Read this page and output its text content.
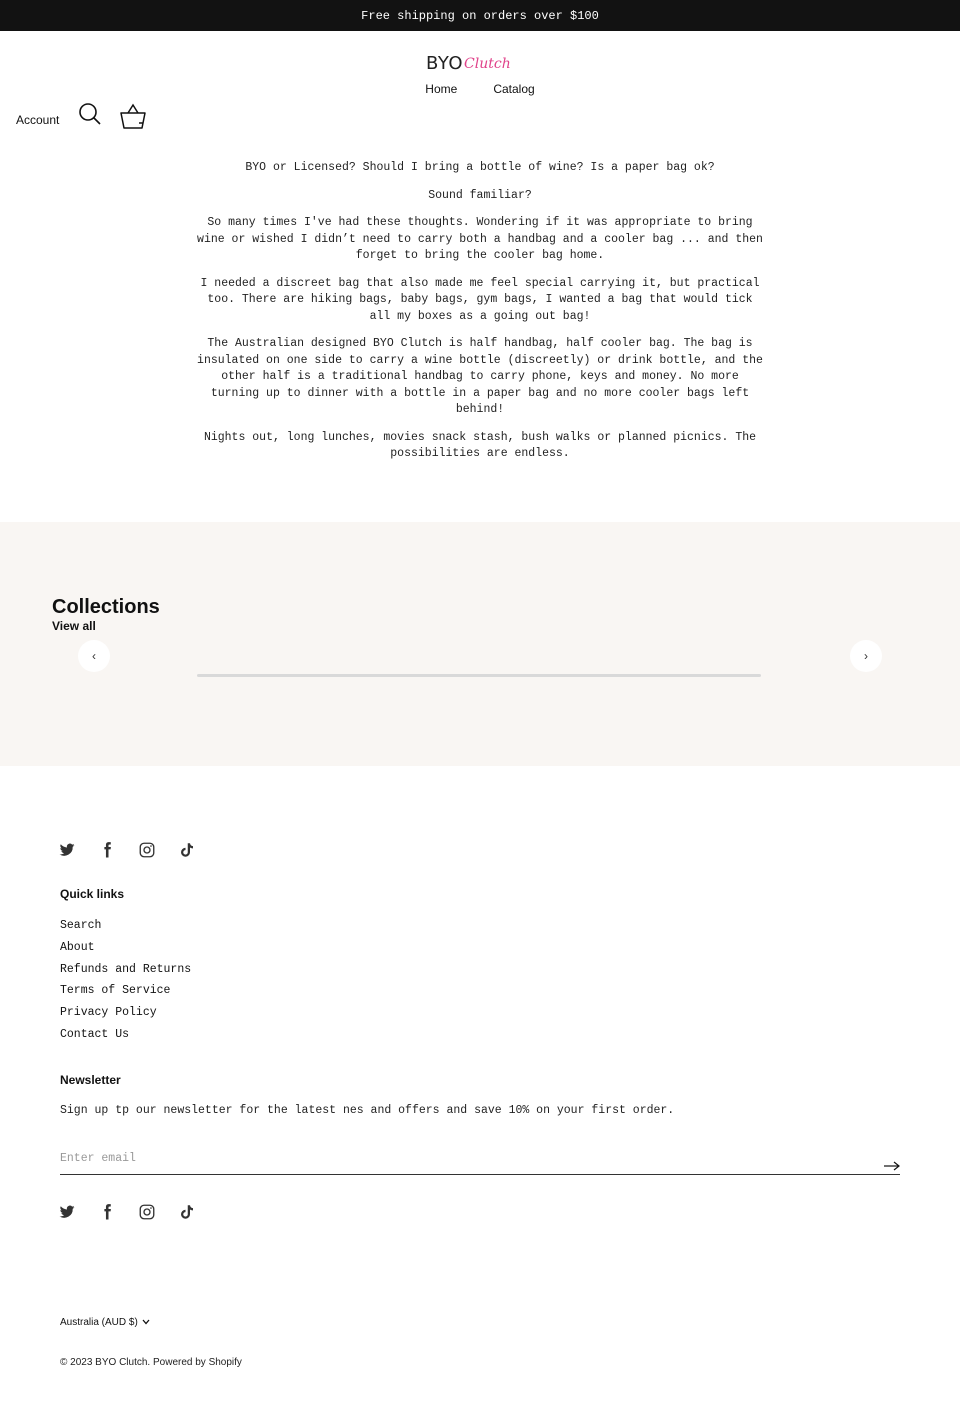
Free shipping on orders over $100
BYO Clutch
Home	Catalog
Account

BYO or Licensed? Should I bring a bottle of wine? Is a paper bag ok?

Sound familiar?

So many times I've had these thoughts. Wondering if it was appropriate to bring wine or wished I didn’t need to carry both a handbag and a cooler bag ... and then forget to bring the cooler bag home.

I needed a discreet bag that also made me feel special carrying it, but practical too. There are hiking bags, baby bags, gym bags, I wanted a bag that would tick all my boxes as a going out bag!

The Australian designed BYO Clutch is half handbag, half cooler bag. The bag is insulated on one side to carry a wine bottle (discreetly) or drink bottle, and the other half is a traditional handbag to carry phone, keys and money. No more turning up to dinner with a bottle in a paper bag and no more cooler bags left behind!

Nights out, long lunches, movies snack stash, bush walks or planned picnics. The possibilities are endless.

Collections
View all
‹	›
Quick links
Search
About
Refunds and Returns
Terms of Service
Privacy Policy
Contact Us
Newsletter
Sign up tp our newsletter for the latest nes and offers and save 10% on your first order.
Enter email
Australia (AUD $)
© 2023 BYO Clutch. Powered by Shopify
